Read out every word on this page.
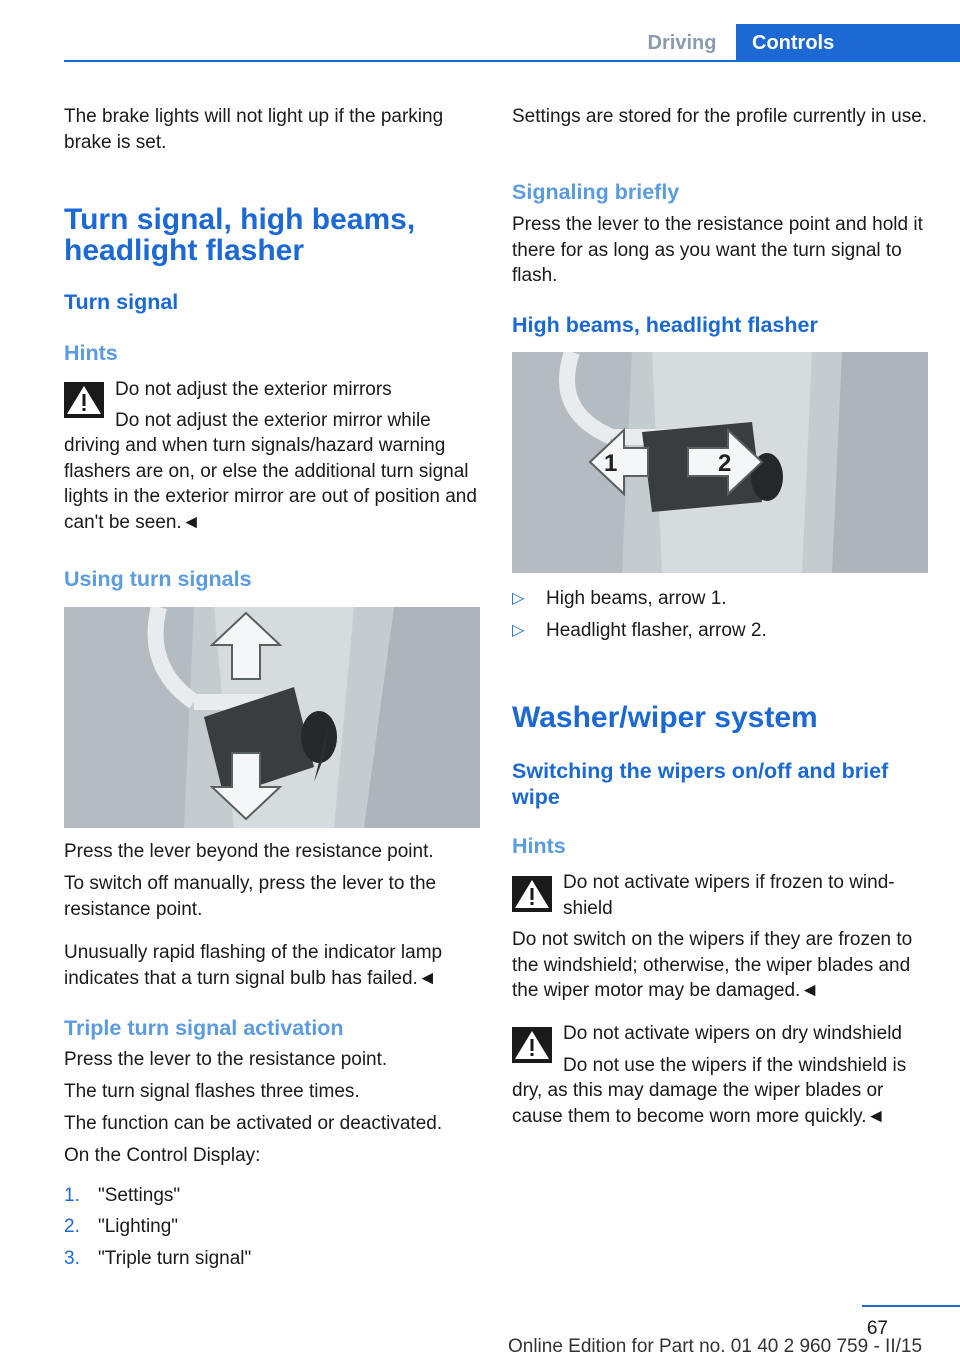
Driving	Controls

The brake lights will not light up if the parking brake is set.

Turn signal, high beams,
headlight flasher
Turn signal
Hints
Do not adjust the exterior mirrors
Do not adjust the exterior mirror while

driving and when turn signals/hazard warning flashers are on, or else the additional turn signal lights in the exterior mirror are out of position and can't be seen.◄

Using turn signals

Press the lever beyond the resistance point.

To switch off manually, press the lever to the resistance point.

Unusually rapid flashing of the indicator lamp indicates that a turn signal bulb has failed.◄

Triple turn signal activation

Press the lever to the resistance point.

The turn signal flashes three times.

The function can be activated or deactivated.

On the Control Display:

1. "Settings"
2. "Lighting"
3. "Triple turn signal"

Settings are stored for the profile currently in use.

Signaling briefly

Press the lever to the resistance point and hold it there for as long as you want the turn signal to flash.

High beams, headlight flasher
1	2
▷ High beams, arrow 1.
▷ Headlight flasher, arrow 2.
Washer/wiper system
Switching the wipers on/off and brief wipe
Hints
Do not activate wipers if frozen to windshield

Do not switch on the wipers if they are frozen to the windshield; otherwise, the wiper blades and the wiper motor may be damaged.◄

Do not activate wipers on dry windshield
Do not use the wipers if the windshield is

dry, as this may damage the wiper blades or cause them to become worn more quickly.◄

67
Online Edition for Part no. 01 40 2 960 759 - II/15
